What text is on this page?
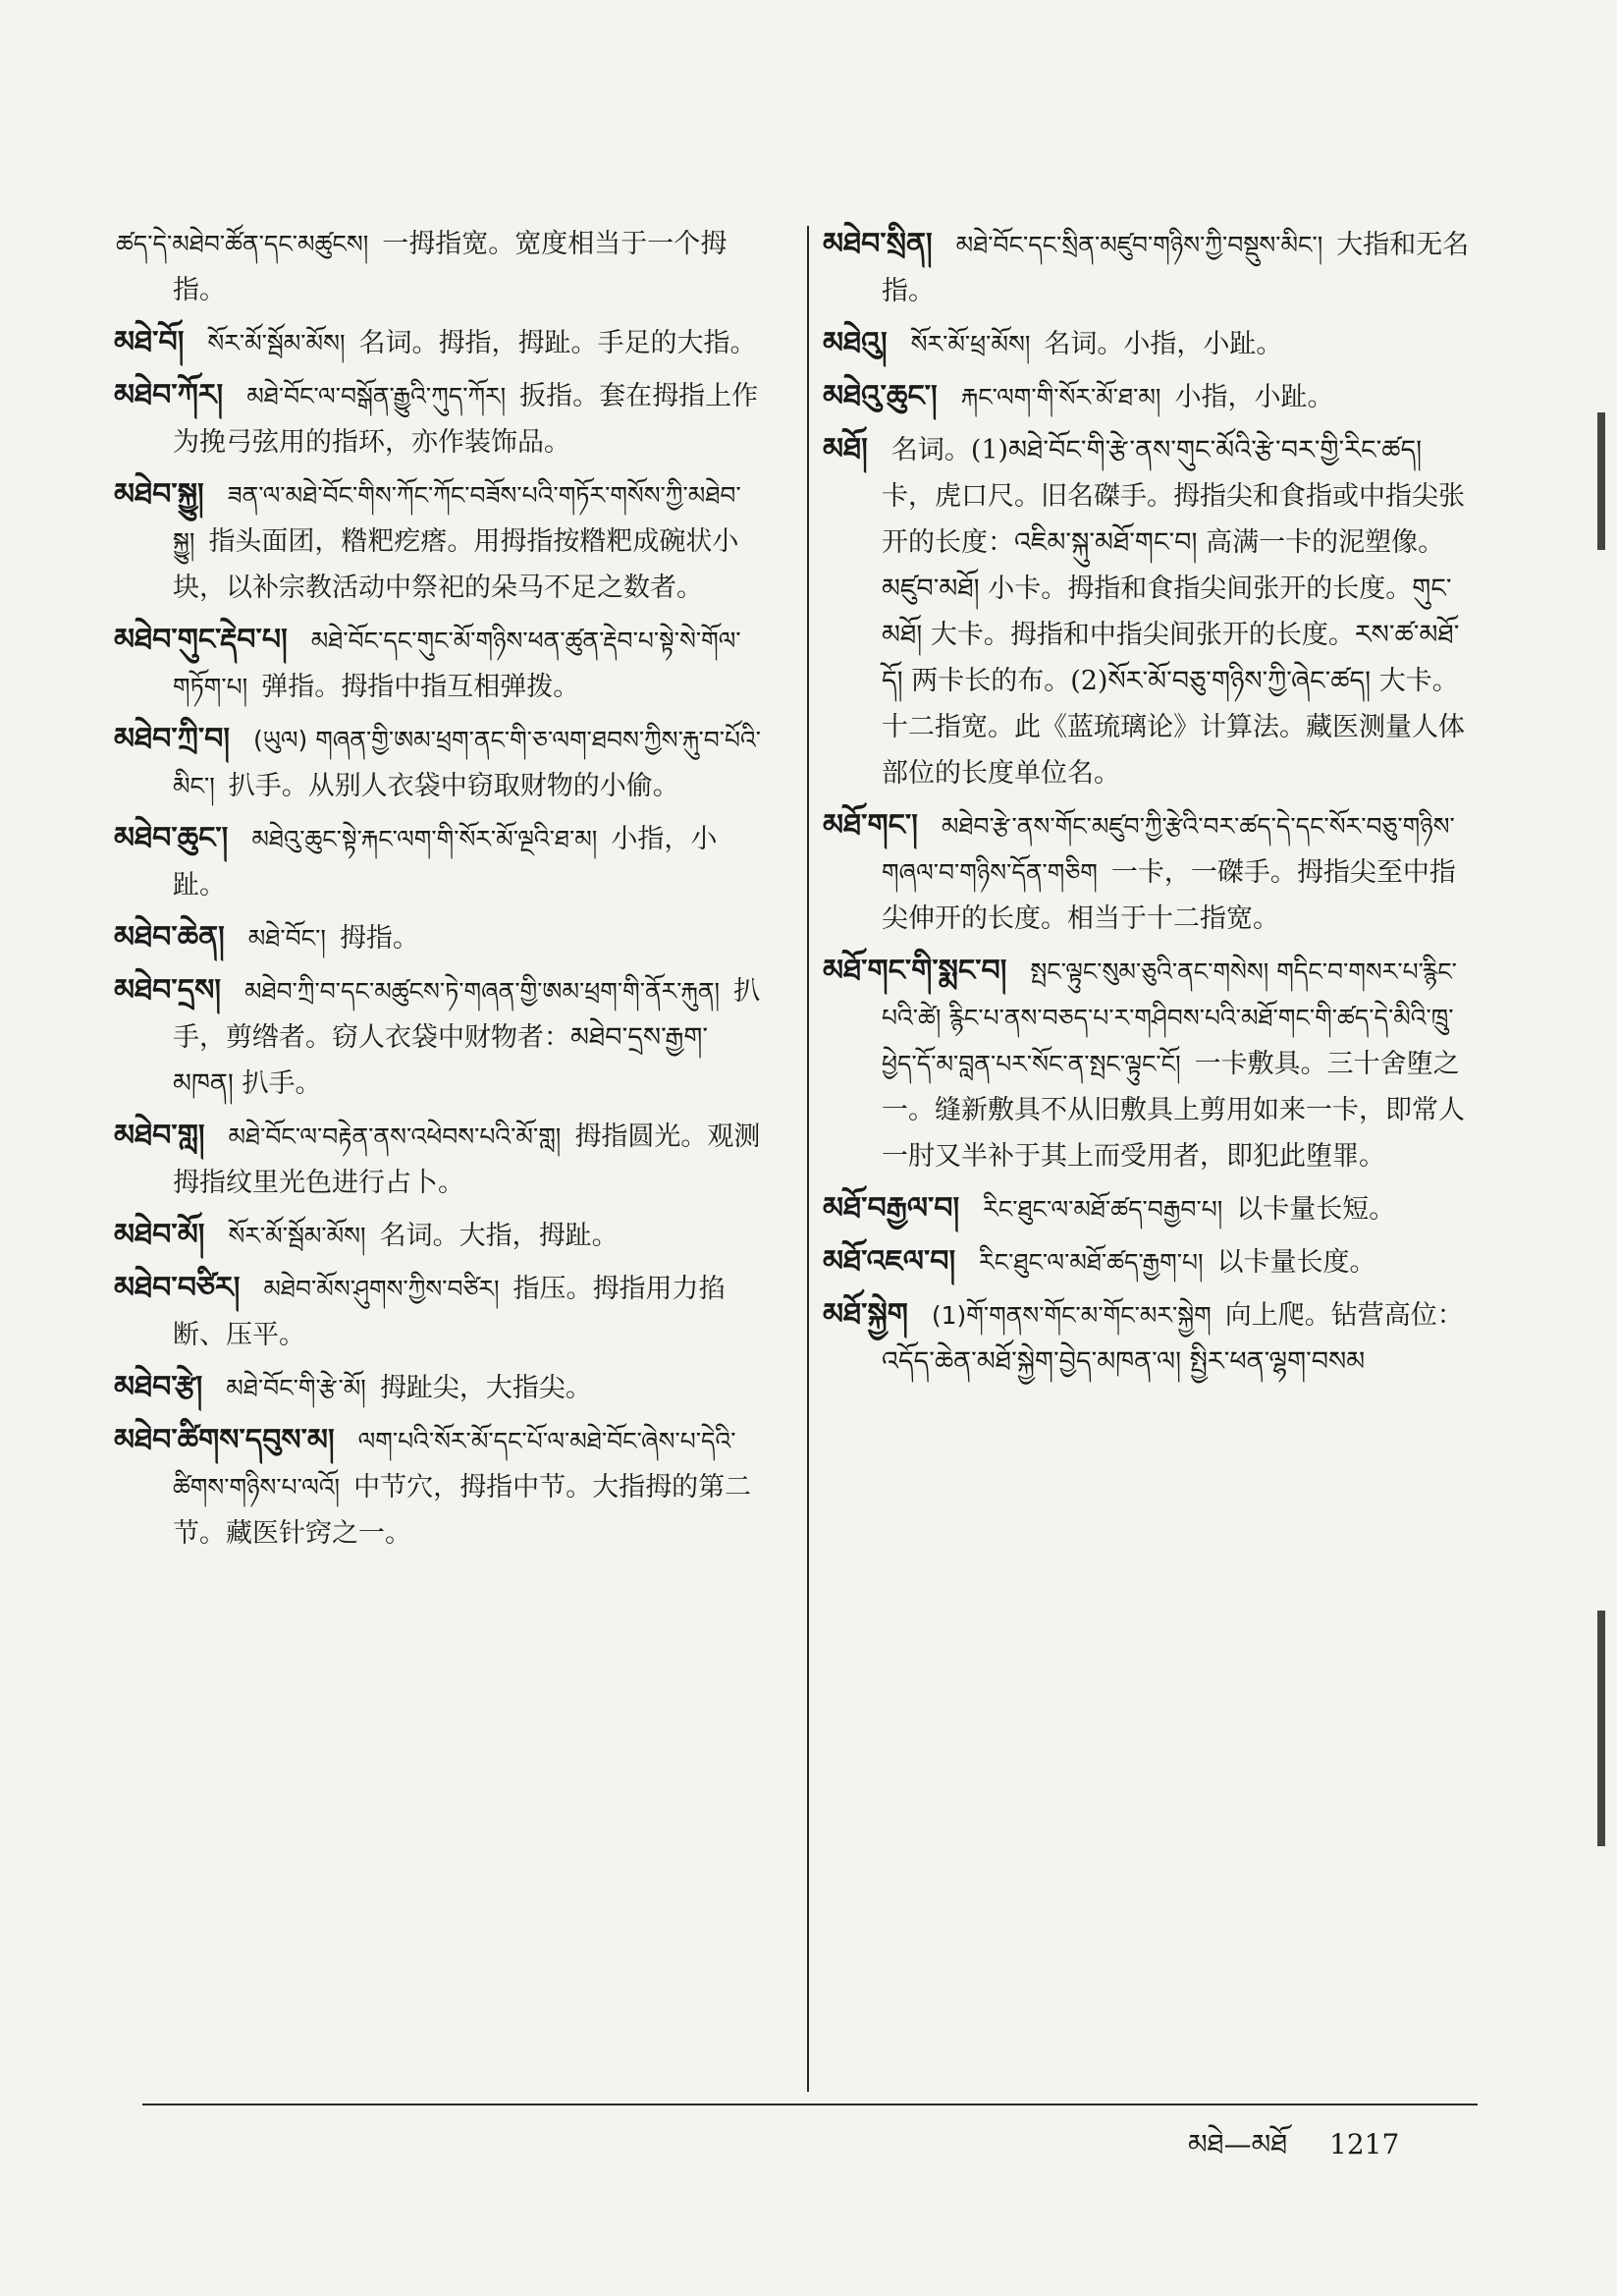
ཚད་དེ་མཐེབ་ཚོན་དང་མཚུངས། 一拇指宽。宽度相当于一个拇指。
མཐེ་བོ། སོར་མོ་སྦོམ་མོས། 名词。拇指，拇趾。手足的大指。
མཐེབ་ཀོར། མཐེ་བོང་ལ་བསྒོན་རྒྱུའི་ཀུད་ཀོར། 扳指。套在拇指上作为挽弓弦用的指环，亦作装饰品。
མཐེབ་སྐྱུ། ཟན་ལ་མཐེ་བོང་གིས་ཀོང་ཀོང་བཟོས་པའི་གཏོར་གསོས་ཀྱི་མཐེབ་སྐྱུ། 指头面团，糌粑疙瘩。用拇指按糌粑成碗状小块，以补宗教活动中祭祀的朵马不足之数者。
མཐེབ་གུང་རྡེབ་པ། མཐེ་བོང་དང་གུང་མོ་གཉིས་ཕན་ཚུན་རྡེབ་པ་སྟེ་སེ་གོལ་གཏོག་པ། 弹指。拇指中指互相弹拨。
མཐེབ་ཀྲི་བ། (ཡུལ) གཞན་གྱི་ཨམ་ཕྲག་ནང་གི་ཅ་ལག་ཐབས་ཀྱིས་རྐུ་བ་པོའི་མིང་། 扒手。从别人衣袋中窃取财物的小偷。
མཐེབ་ཆུང་། མཐེའུ་ཆུང་སྟེ་རྐང་ལག་གི་སོར་མོ་ལྔའི་ཐ་མ། 小指，小趾。
མཐེབ་ཆེན། མཐེ་བོང་། 拇指。
མཐེབ་དྲས། མཐེབ་ཀྲི་བ་དང་མཚུངས་ཏེ་གཞན་གྱི་ཨམ་ཕྲག་གི་ནོར་རྐུན། 扒手，剪绺者。窃人衣袋中财物者：མཐེབ་དྲས་རྒྱག་མཁན། 扒手。
མཐེབ་གླ། མཐེ་བོང་ལ་བརྟེན་ནས་འཕེབས་པའི་མོ་གླ། 拇指圆光。观测拇指纹里光色进行占卜。
མཐེབ་མོ། སོར་མོ་སྦོམ་མོས། 名词。大指，拇趾。
མཐེབ་བཙིར། མཐེབ་མོས་ཤུགས་ཀྱིས་བཙིར། 指压。拇指用力掐断、压平。
མཐེབ་རྩེ། མཐེ་བོང་གི་རྩེ་མོ། 拇趾尖，大指尖。
མཐེབ་ཚིགས་དབུས་མ། ལག་པའི་སོར་མོ་དང་པོ་ལ་མཐེ་བོང་ཞེས་པ་དེའི་ཚིགས་གཉིས་པ་ལའོ། 中节穴，拇指中节。大指拇的第二节。藏医针窍之一。
མཐེབ་སྲིན། མཐེ་བོང་དང་སྲིན་མཛུབ་གཉིས་ཀྱི་བསྡུས་མིང་། 大指和无名指。
མཐེའུ། སོར་མོ་ཕྲ་མོས། 名词。小指，小趾。
མཐེའུ་ཆུང་། རྐང་ལག་གི་སོར་མོ་ཐ་མ། 小指，小趾。
མཐོ། 名词。(1)མཐེ་བོང་གི་རྩེ་ནས་གུང་མོའི་རྩེ་བར་གྱི་རིང་ཚད། 卡，虎口尺。旧名磔手。拇指尖和食指或中指尖张开的长度：འཇིམ་སྐུ་མཐོ་གང་བ། 高满一卡的泥塑像。མཛུབ་མཐོ། 小卡。拇指和食指尖间张开的长度。གུང་མཐོ། 大卡。拇指和中指尖间张开的长度。རས་ཚ་མཐོ་དོ། 两卡长的布。(2)སོར་མོ་བཅུ་གཉིས་ཀྱི་ཞེང་ཚད། 大卡。十二指宽。此《蓝琉璃论》计算法。藏医测量人体部位的长度单位名。
མཐོ་གང་། མཐེབ་རྩེ་ནས་གོང་མཛུབ་ཀྱི་རྩེའི་བར་ཚད་དེ་དང་སོར་བཅུ་གཉིས་གཞལ་བ་གཉིས་དོན་གཅིག 一卡，一磔手。拇指尖至中指尖伸开的长度。相当于十二指宽。
མཐོ་གང་གི་སྨང་བ། སྤང་ལྟུང་སུམ་ཅུའི་ནང་གསེས། གདིང་བ་གསར་པ་རྙིང་པའི་ཚེ། རྙིང་པ་ནས་བཅད་པ་ར་གཤིབས་པའི་མཐོ་གང་གི་ཚད་དེ་མིའི་ཁྲུ་ཕྱེད་དོ་མ་བླན་པར་སོང་ན་སྤང་ལྟུང་ངོ། 一卡敷具。三十舍堕之一。缝新敷具不从旧敷具上剪用如来一卡，即常人一肘又半补于其上而受用者，即犯此堕罪。
མཐོ་བརྒྱལ་བ། རིང་ཐུང་ལ་མཐོ་ཚད་བརྒྱབ་པ། 以卡量长短。
མཐོ་འཇལ་བ། རིང་ཐུང་ལ་མཐོ་ཚད་རྒྱག་པ། 以卡量长度。
མཐོ་སྐྱེག (1)གོ་གནས་གོང་མ་གོང་མར་སྐྱེག 向上爬。钻营高位：འདོད་ཆེན་མཐོ་སྐྱེག་བྱེད་མཁན་ལ། སྤྱིར་ཕན་ལྷག་བསམ
མཐེ—མཐོ 1217
